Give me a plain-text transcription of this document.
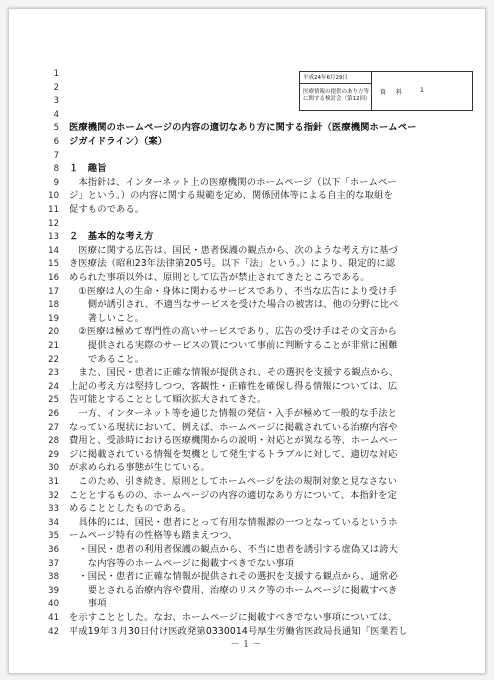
平成24年6月29日
医療情報の提供のあり方等
に関する検討会（第12回）
資　料	1
1
2
3
4
5 医療機関のホームページの内容の適切なあり方に関する指針（医療機関ホームペー
6 ジガイドライン）（案）
7
8 １　趣旨
9 　本指針は、インターネット上の医療機関のホームページ（以下「ホームペー
10 ジ」という。）の内容に関する規範を定め、関係団体等による自主的な取組を
11 促すものである。
12
13 ２　基本的な考え方
14 　医療に関する広告は、国民・患者保護の観点から、次のような考え方に基づ
15 き医療法（昭和23年法律第205号。以下「法」という。）により、限定的に認
16 められた事項以外は、原則として広告が禁止されてきたところである。
17 　①医療は人の生命・身体に関わるサービスであり、不当な広告により受け手
18 　　側が誘引され、不適当なサービスを受けた場合の被害は、他の分野に比べ
19 　　著しいこと。
20 　②医療は極めて専門性の高いサービスであり、広告の受け手はその文言から
21 　　提供される実際のサービスの質について事前に判断することが非常に困難
22 　　であること。
23 　また、国民・患者に正確な情報が提供され、その選択を支援する観点から、
24 上記の考え方は堅持しつつ、客観性・正確性を確保し得る情報については、広
25 告可能とすることとして順次拡大されてきた。
26 　一方、インターネット等を通じた情報の発信・入手が極めて一般的な手法と
27 なっている現状において、例えば、ホームページに掲載されている治療内容や
28 費用と、受診時における医療機関からの説明・対応とが異なる等、ホームペー
29 ジに掲載されている情報を契機として発生するトラブルに対して、適切な対応
30 が求められる事態が生じている。
31 　このため、引き続き、原則としてホームページを法の規制対象と見なさない
32 こととするものの、ホームページの内容の適切なあり方について、本指針を定
33 めることとしたものである。
34 　具体的には、国民・患者にとって有用な情報源の一つとなっているというホ
35 ームページ特有の性格等も踏まえつつ、
36 　・国民・患者の利用者保護の観点から、不当に患者を誘引する虚偽又は誇大
37 　　な内容等のホームページに掲載すべきでない事項
38 　・国民・患者に正確な情報が提供されその選択を支援する観点から、通常必
39 　　要とされる治療内容や費用、治療のリスク等のホームページに掲載すべき
40 　　事項
41 を示すこととした。なお、ホームページに掲載すべきでない事項については、
42 平成19年３月30日付け医政発第0330014号厚生労働省医政局長通知「医業若し
－１－
